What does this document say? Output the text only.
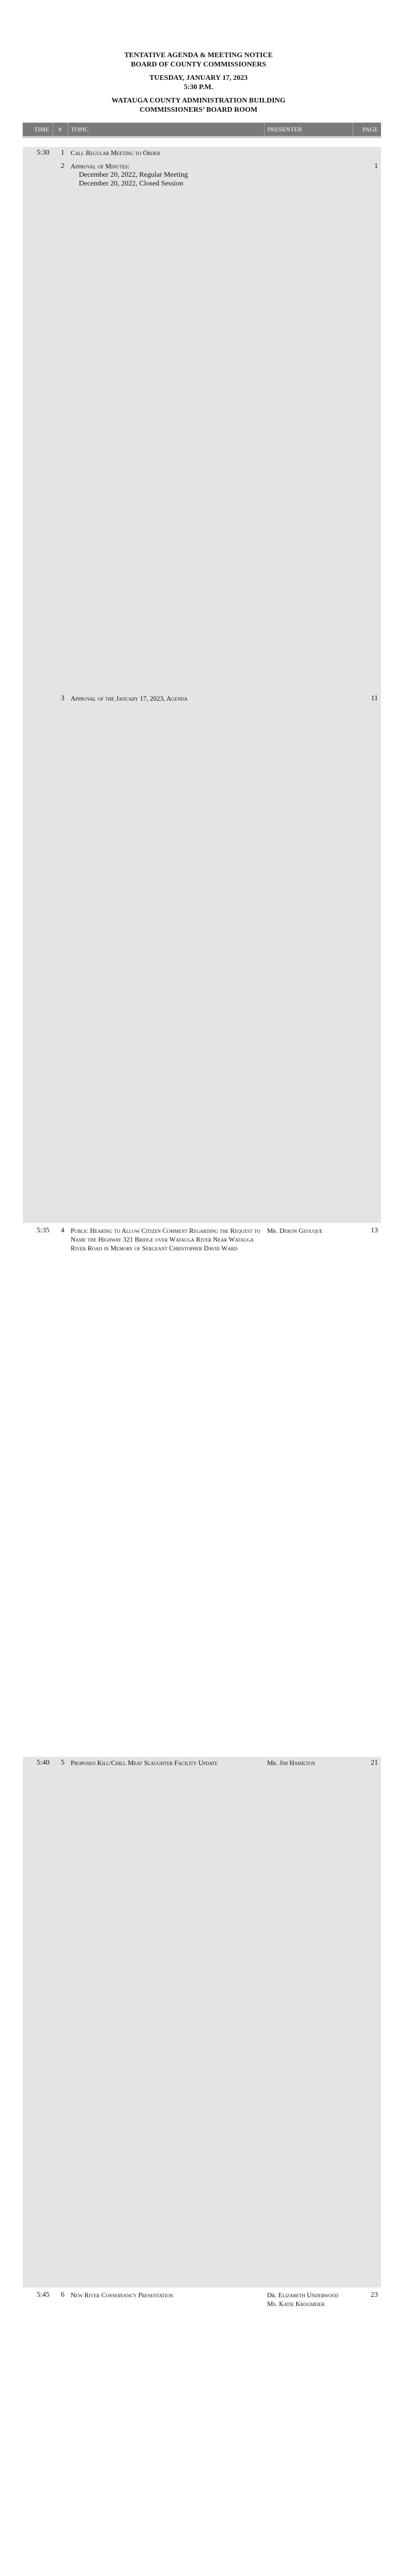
TENTATIVE AGENDA & MEETING NOTICE
BOARD OF COUNTY COMMISSIONERS
TUESDAY, JANUARY 17, 2023
5:30 P.M.
WATAUGA COUNTY ADMINISTRATION BUILDING
COMMISSIONERS’ BOARD ROOM
TIME	#	TOPIC	PRESENTER	PAGE

5:30	1	Call Regular Meeting to Order		
	2	Approval of Minutes:
December 20, 2022, Regular Meeting
December 20, 2022, Closed Session		1
	3	Approval of the January 17, 2023, Agenda		11
5:35	4	Public Hearing to Allow Citizen Comment Regarding the Request to Name the Highway 321 Bridge over Watauga River Near Watauga River Road in Memory of Sergeant Christopher David Ward	Mr. Deron Geouque	13
5:40	5	Proposed Kill/Chill Meat Slaughter Facility Update	Mr. Jim Hamilton	21
5:45	6	New River Conservancy Presentation	Dr. Elizabeth Underwood
Ms. Katie Krogmeier	23
